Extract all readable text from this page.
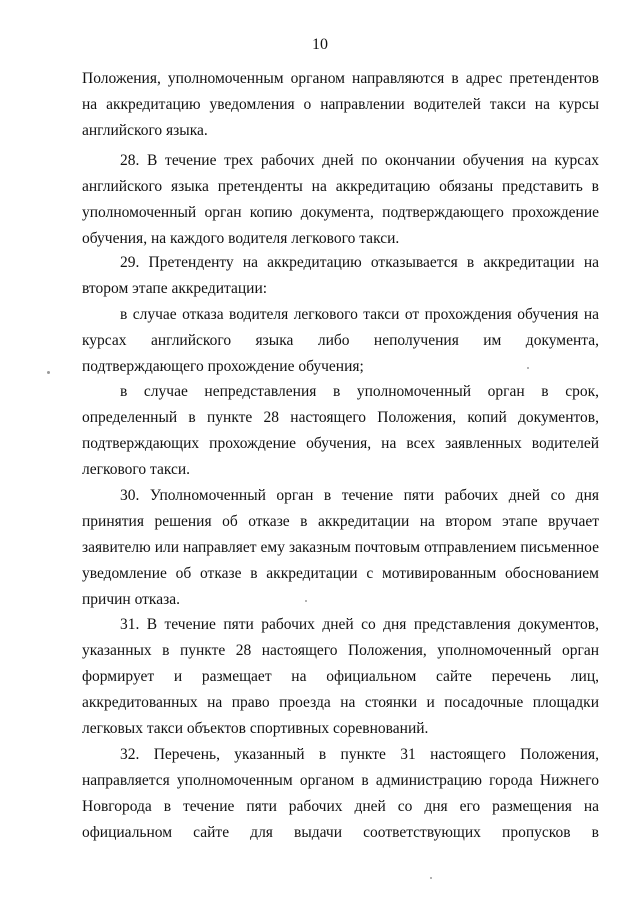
10
Положения, уполномоченным органом направляются в адрес претендентов
на аккредитацию уведомления о направлении водителей такси на курсы
английского языка.
28. В течение трех рабочих дней по окончании обучения на курсах
английского языка претенденты на аккредитацию обязаны представить в
уполномоченный орган копию документа, подтверждающего прохождение
обучения, на каждого водителя легкового такси.
29. Претенденту на аккредитацию отказывается в аккредитации на
втором этапе аккредитации:
в случае отказа водителя легкового такси от прохождения обучения на
курсах английского языка либо неполучения им документа,
подтверждающего прохождение обучения;
в случае непредставления в уполномоченный орган в срок,
определенный в пункте 28 настоящего Положения, копий документов,
подтверждающих прохождение обучения, на всех заявленных водителей
легкового такси.
30. Уполномоченный орган в течение пяти рабочих дней со дня
принятия решения об отказе в аккредитации на втором этапе вручает
заявителю или направляет ему заказным почтовым отправлением письменное
уведомление об отказе в аккредитации с мотивированным обоснованием
причин отказа.
31. В течение пяти рабочих дней со дня представления документов,
указанных в пункте 28 настоящего Положения, уполномоченный орган
формирует и размещает на официальном сайте перечень лиц,
аккредитованных на право проезда на стоянки и посадочные площадки
легковых такси объектов спортивных соревнований.
32. Перечень, указанный в пункте 31 настоящего Положения,
направляется уполномоченным органом в администрацию города Нижнего
Новгорода в течение пяти рабочих дней со дня его размещения на
официальном сайте для выдачи соответствующих пропусков в
